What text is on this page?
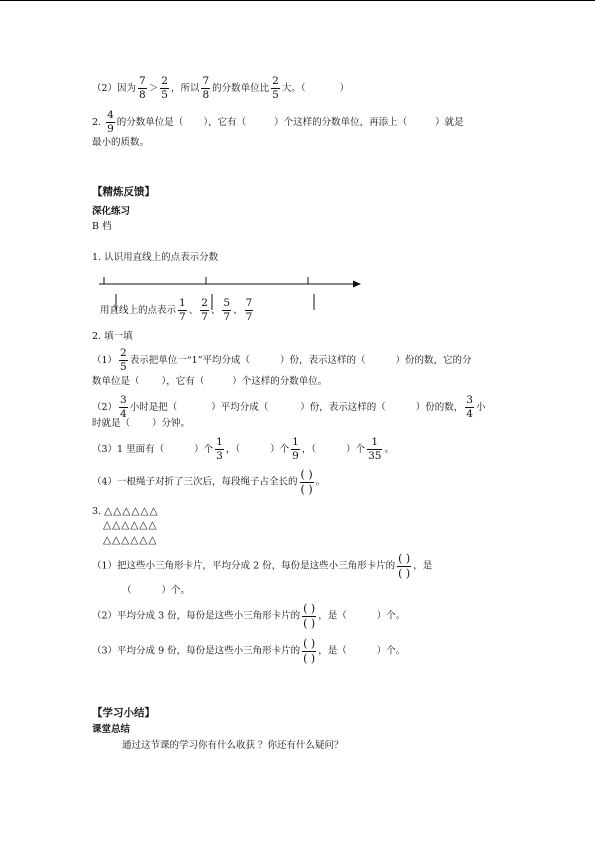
（2）因为 $\frac{7}{8} > \frac{2}{5}$ ，所以 $\frac{7}{8}$ 的分数单位比 $\frac{2}{5}$ 大。（	）
2. $\frac{4}{9}$ 的分数单位是（ ），它有（	）个这样的分数单位，再添上（	）就是
最小的质数。
【精炼反馈】
深化练习
B 档
1. 认识用直线上的点表示分数
用直线上的点表示 $\frac{1}{7}$ 、 $\frac{2}{7}$ 、 $\frac{5}{7}$ 、 $\frac{7}{7}$
2. 填一填
$(1) \frac{2}{5}$ 表示把单位一“1”平均分成（	）份，表示这样的（	）份的数，它的分
数单位是（ ），它有（	）个这样的分数单位。
$(2) \frac{3}{4}$ 小时是把（	）平均分成（	）份，表示这样的（	）份的数， $\frac{3}{4}$ 小
时就是（ ）分钟。
（3）1 里面有（	）个 $\frac{1}{3}$ ，（	）个 $\frac{1}{9}$ ，（	）个 $\frac{1}{35}$ 。
（4）一根绳子对折了三次后，每段绳子占全长的 $\frac{( )}{( )}$ 。
3. △△△△△△
△△△△△△
△△△△△△
（1）把这些小三角形卡片，平均分成 2 份，每份是这些小三角形卡片的 $\frac{( )}{( )}$ ，是
（	）个。
（2）平均分成 3 份，每份是这些小三角形卡片的 $\frac{( )}{( )}$ ，是（	）个。
（3）平均分成 9 份，每份是这些小三角形卡片的 $\frac{( )}{( )}$ ，是（	）个。
【学习小结】
课堂总结
通过这节课的学习你有什么收获 ？你还有什么疑问？
